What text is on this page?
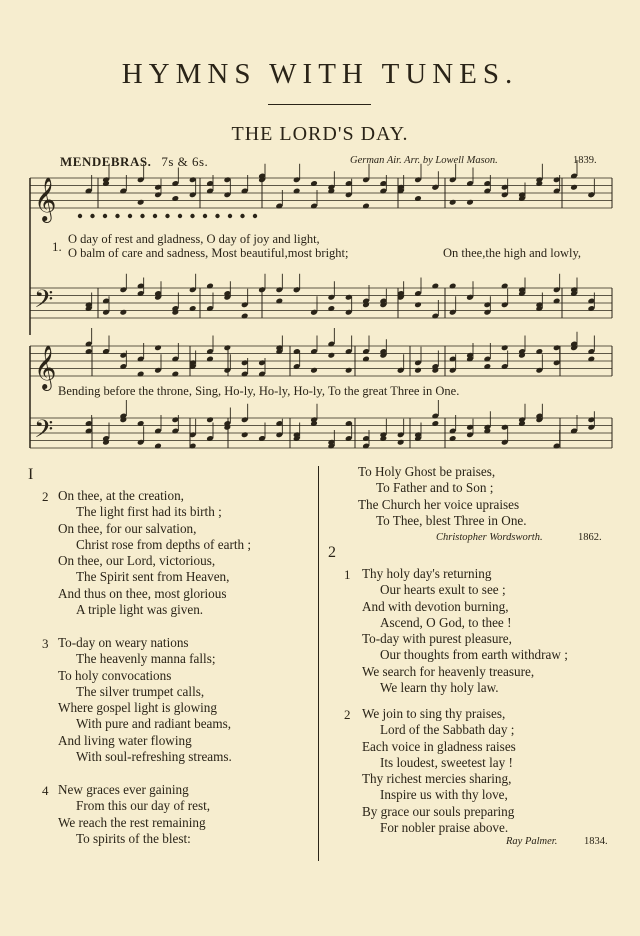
HYMNS WITH TUNES.
THE LORD'S DAY.
MENDEBRAS. 7s & 6s.	German Air. Arr. by Lowell Mason.	1839.
𝄞
𝄢
𝄞
𝄢
1. O day of rest and gladness, O day of joy and light,
O balm of care and sadness, Most beautiful,most bright;	On thee,the high and lowly,
Bending before the throne, Sing, Ho-ly, Ho-ly, Ho-ly, To the great Three in One.
I
2 On thee, at the creation,
The light first had its birth ;
On thee, for our salvation,
Christ rose from depths of earth ;
On thee, our Lord, victorious,
The Spirit sent from Heaven,
And thus on thee, most glorious
A triple light was given.
3 To-day on weary nations
The heavenly manna falls;
To holy convocations
The silver trumpet calls,
Where gospel light is glowing
With pure and radiant beams,
And living water flowing
With soul-refreshing streams.
4 New graces ever gaining
From this our day of rest,
We reach the rest remaining
To spirits of the blest:
To Holy Ghost be praises,
To Father and to Son ;
The Church her voice upraises
To Thee, blest Three in One.
Christopher Wordsworth.	1862.
2
1 Thy holy day's returning
Our hearts exult to see ;
And with devotion burning,
Ascend, O God, to thee !
To-day with purest pleasure,
Our thoughts from earth withdraw ;
We search for heavenly treasure,
We learn thy holy law.
2 We join to sing thy praises,
Lord of the Sabbath day ;
Each voice in gladness raises
Its loudest, sweetest lay !
Thy richest mercies sharing,
Inspire us with thy love,
By grace our souls preparing
For nobler praise above.
Ray Palmer.	1834.
